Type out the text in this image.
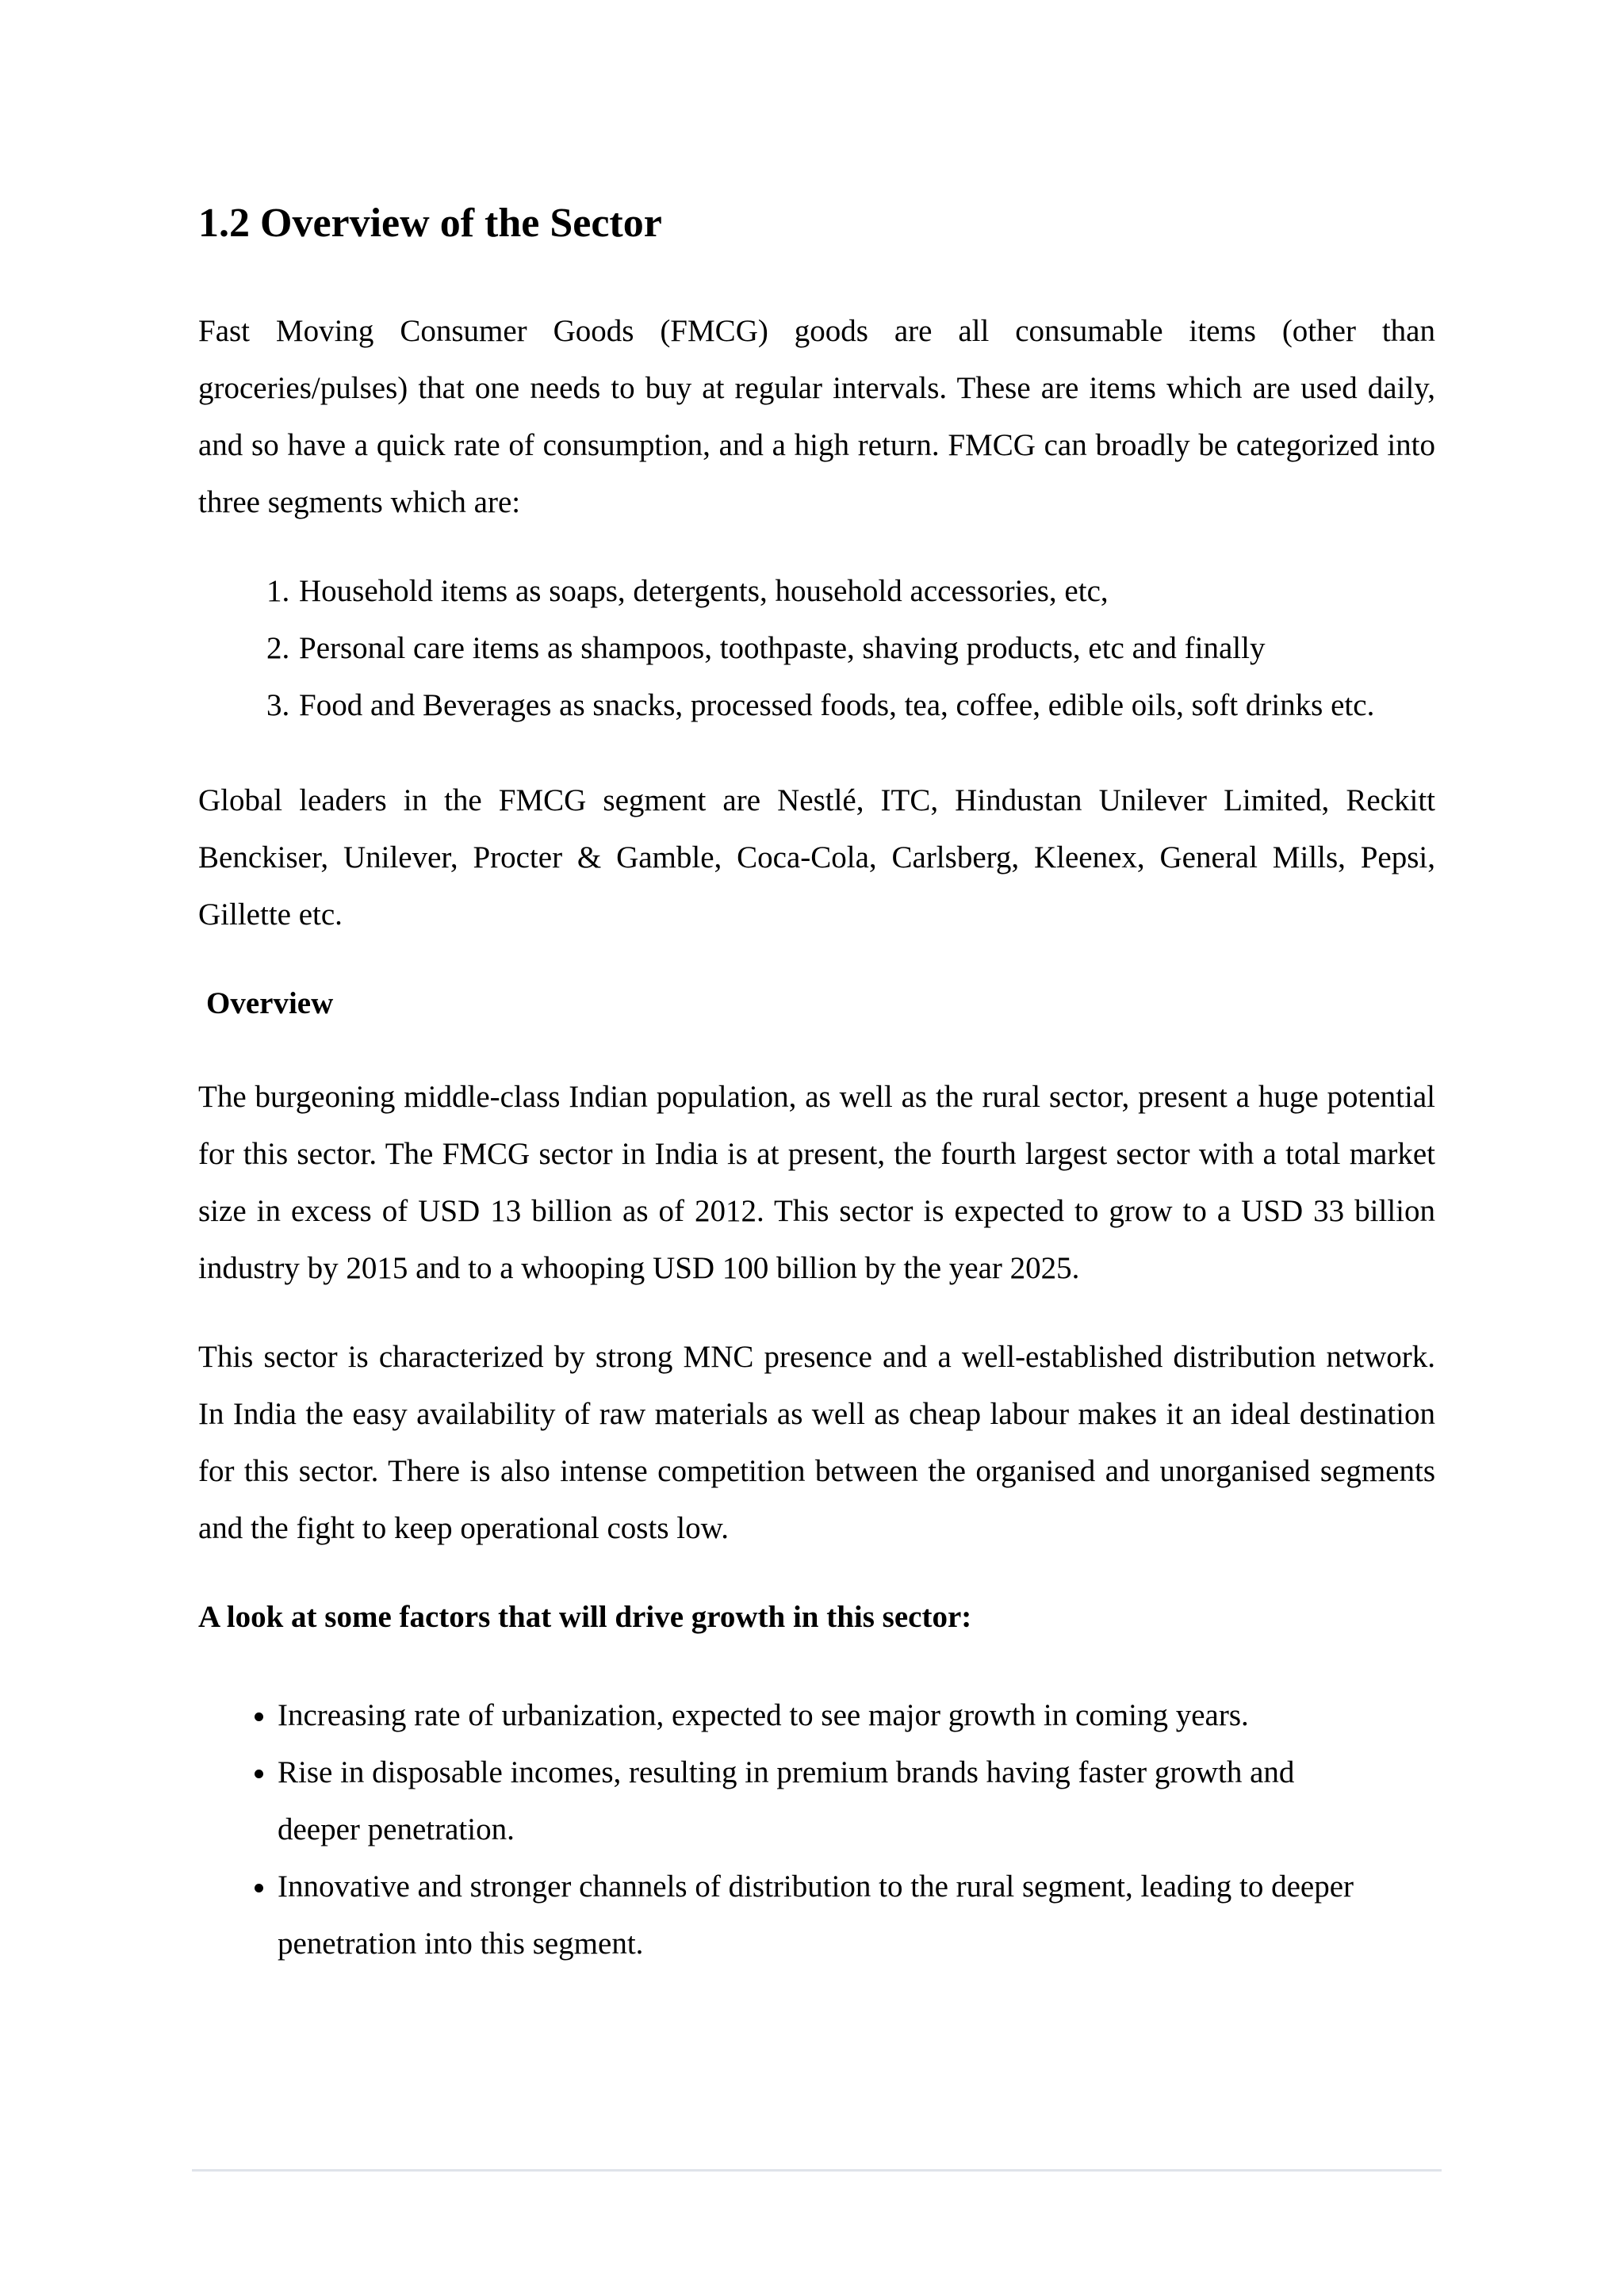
1.2 Overview of the Sector

Fast Moving Consumer Goods (FMCG) goods are all consumable items (other than groceries/pulses) that one needs to buy at regular intervals. These are items which are used daily, and so have a quick rate of consumption, and a high return. FMCG can broadly be categorized into three segments which are:

1. Household items as soaps, detergents, household accessories, etc,
2. Personal care items as shampoos, toothpaste, shaving products, etc and finally
3. Food and Beverages as snacks, processed foods, tea, coffee, edible oils, soft drinks etc.

Global leaders in the FMCG segment are Nestlé, ITC, Hindustan Unilever Limited, Reckitt Benckiser, Unilever, Procter & Gamble, Coca-Cola, Carlsberg, Kleenex, General Mills, Pepsi, Gillette etc.

Overview

The burgeoning middle-class Indian population, as well as the rural sector, present a huge potential for this sector. The FMCG sector in India is at present, the fourth largest sector with a total market size in excess of USD 13 billion as of 2012. This sector is expected to grow to a USD 33 billion industry by 2015 and to a whooping USD 100 billion by the year 2025.

This sector is characterized by strong MNC presence and a well-established distribution network. In India the easy availability of raw materials as well as cheap labour makes it an ideal destination for this sector. There is also intense competition between the organised and unorganised segments and the fight to keep operational costs low.

A look at some factors that will drive growth in this sector:
• Increasing rate of urbanization, expected to see major growth in coming years.
• Rise in disposable incomes, resulting in premium brands having faster growth and deeper penetration.
• Innovative and stronger channels of distribution to the rural segment, leading to deeper penetration into this segment.
